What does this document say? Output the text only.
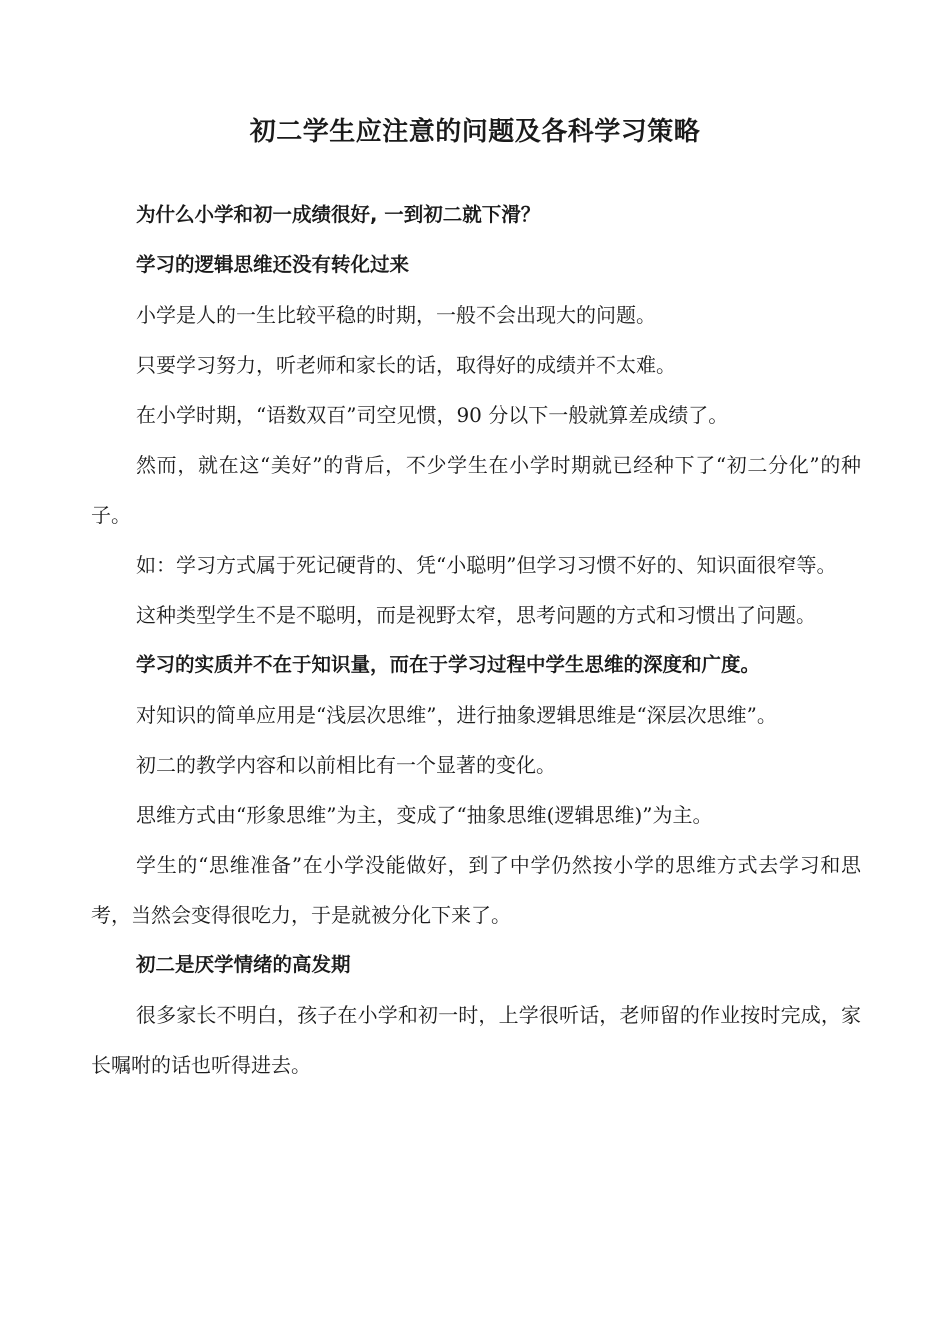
初二学生应注意的问题及各科学习策略

为什么小学和初一成绩很好, 一到初二就下滑？

学习的逻辑思维还没有转化过来

小学是人的一生比较平稳的时期，一般不会出现大的问题。

只要学习努力，听老师和家长的话，取得好的成绩并不太难。

在小学时期，“语数双百”司空见惯，90 分以下一般就算差成绩了。

然而，就在这“美好”的背后，不少学生在小学时期就已经种下了“初二分化”的种子。

如：学习方式属于死记硬背的、凭“小聪明”但学习习惯不好的、知识面很窄等。

这种类型学生不是不聪明，而是视野太窄，思考问题的方式和习惯出了问题。

学习的实质并不在于知识量，而在于学习过程中学生思维的深度和广度。

对知识的简单应用是“浅层次思维”，进行抽象逻辑思维是“深层次思维”。

初二的教学内容和以前相比有一个显著的变化。

思维方式由“形象思维”为主，变成了“抽象思维(逻辑思维)”为主。

学生的“思维准备”在小学没能做好，到了中学仍然按小学的思维方式去学习和思考，当然会变得很吃力，于是就被分化下来了。

初二是厌学情绪的高发期

很多家长不明白，孩子在小学和初一时，上学很听话，老师留的作业按时完成，家长嘱咐的话也听得进去。
